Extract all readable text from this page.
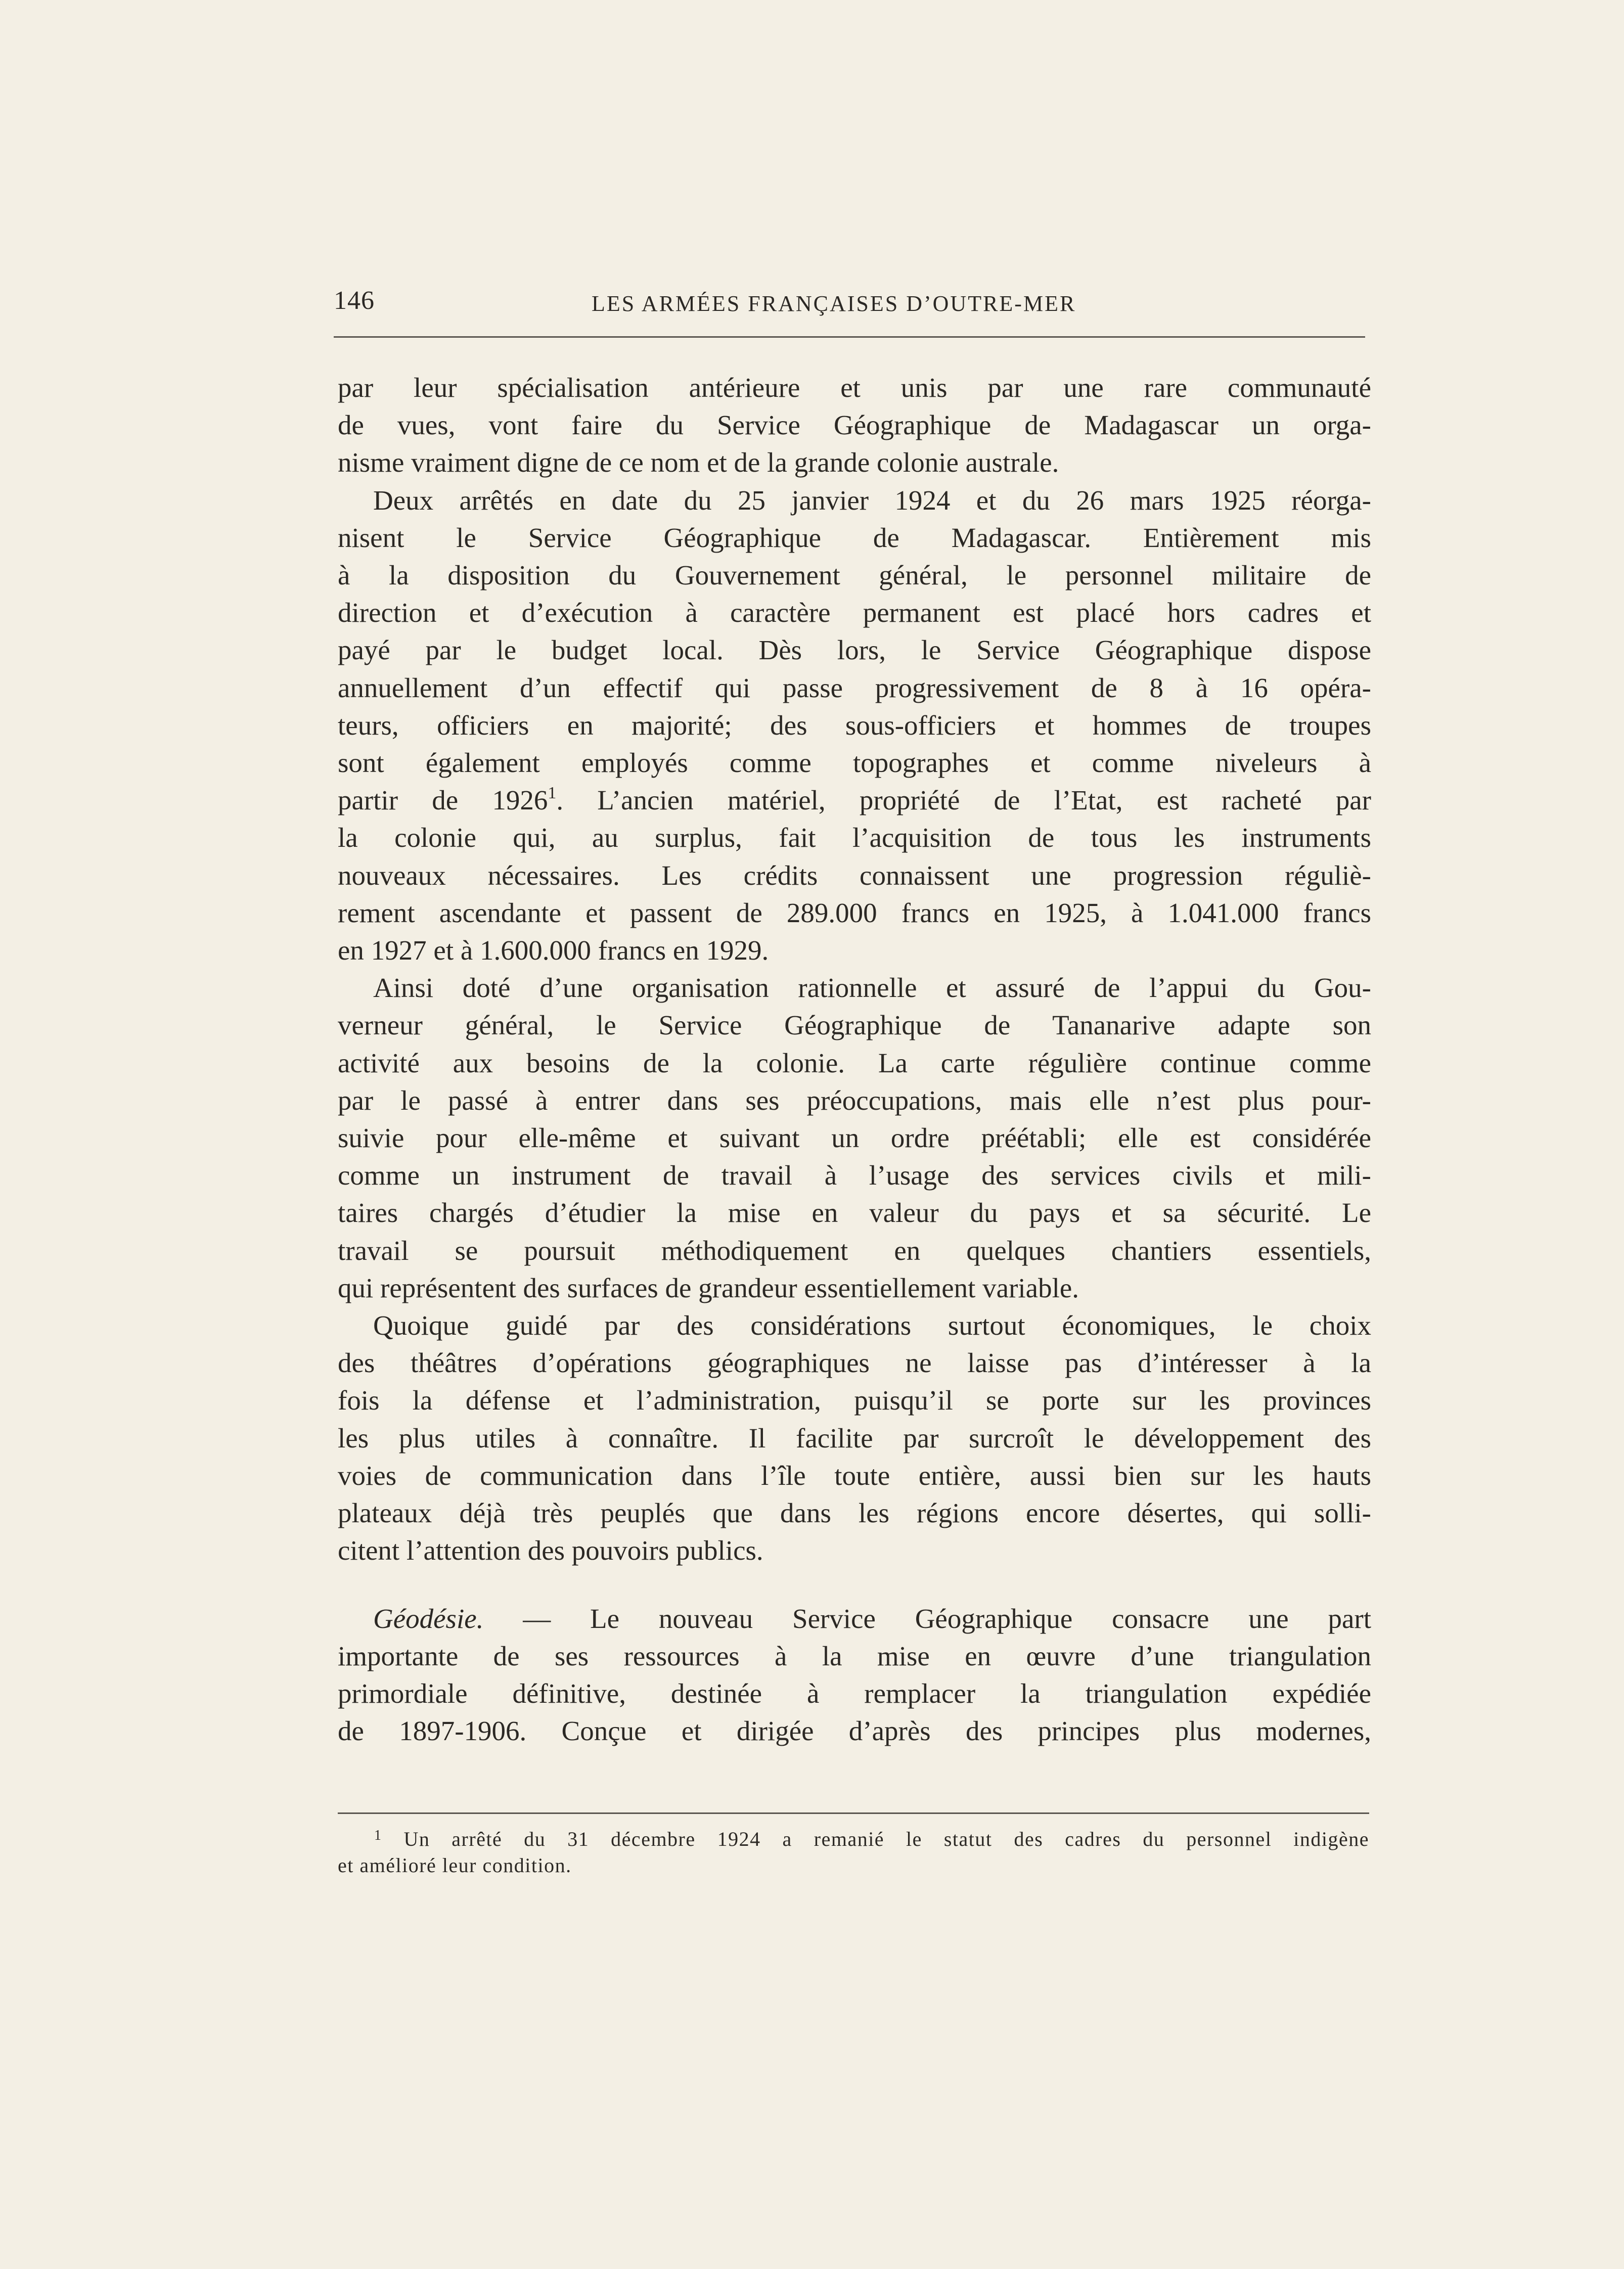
146	LES ARMÉES FRANÇAISES D’OUTRE-MER
par leur spécialisation antérieure et unis par une rare communauté
de vues, vont faire du Service Géographique de Madagascar un orga-
nisme vraiment digne de ce nom et de la grande colonie australe.
Deux arrêtés en date du 25 janvier 1924 et du 26 mars 1925 réorga-
nisent le Service Géographique de Madagascar. Entièrement mis
à la disposition du Gouvernement général, le personnel militaire de
direction et d’exécution à caractère permanent est placé hors cadres et
payé par le budget local. Dès lors, le Service Géographique dispose
annuellement d’un effectif qui passe progressivement de 8 à 16 opéra-
teurs, officiers en majorité; des sous-officiers et hommes de troupes
sont également employés comme topographes et comme niveleurs à
partir de 1926$^1$. L’ancien matériel, propriété de l’Etat, est racheté par
la colonie qui, au surplus, fait l’acquisition de tous les instruments
nouveaux nécessaires. Les crédits connaissent une progression réguliè-
rement ascendante et passent de 289.000 francs en 1925, à 1.041.000 francs
en 1927 et à 1.600.000 francs en 1929.
Ainsi doté d’une organisation rationnelle et assuré de l’appui du Gou-
verneur général, le Service Géographique de Tananarive adapte son
activité aux besoins de la colonie. La carte régulière continue comme
par le passé à entrer dans ses préoccupations, mais elle n’est plus pour-
suivie pour elle-même et suivant un ordre préétabli; elle est considérée
comme un instrument de travail à l’usage des services civils et mili-
taires chargés d’étudier la mise en valeur du pays et sa sécurité. Le
travail se poursuit méthodiquement en quelques chantiers essentiels,
qui représentent des surfaces de grandeur essentiellement variable.
Quoique guidé par des considérations surtout économiques, le choix
des théâtres d’opérations géographiques ne laisse pas d’intéresser à la
fois la défense et l’administration, puisqu’il se porte sur les provinces
les plus utiles à connaître. Il facilite par surcroît le développement des
voies de communication dans l’île toute entière, aussi bien sur les hauts
plateaux déjà très peuplés que dans les régions encore désertes, qui solli-
citent l’attention des pouvoirs publics.
Géodésie. — Le nouveau Service Géographique consacre une part
importante de ses ressources à la mise en œuvre d’une triangulation
primordiale définitive, destinée à remplacer la triangulation expédiée
de 1897-1906. Conçue et dirigée d’après des principes plus modernes,
$^1$ Un arrêté du 31 décembre 1924 a remanié le statut des cadres du personnel indigène
et amélioré leur condition.
